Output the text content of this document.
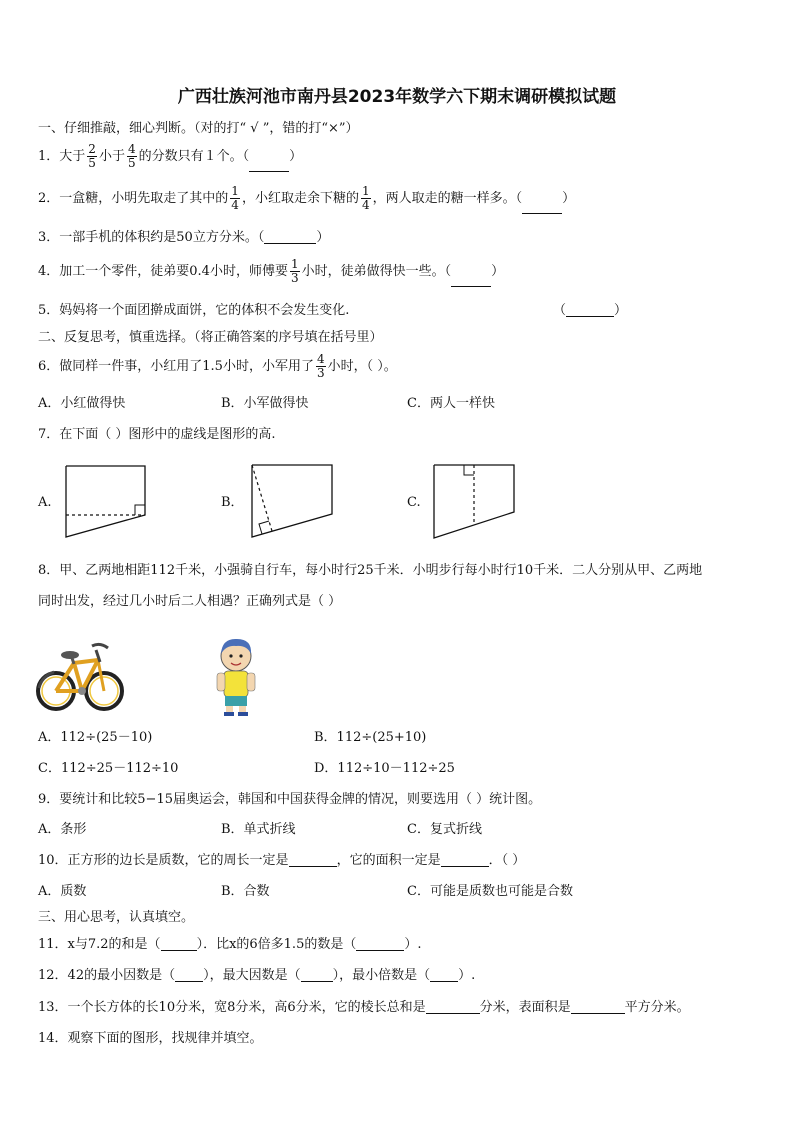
广西壮族河池市南丹县2023年数学六下期末调研模拟试题
一、仔细推敲，细心判断。（对的打“ √ ”，错的打“×”）
1．大于 $\frac{2}{5}$ 小于 $\frac{4}{5}$ 的分数只有１个。（	）
2．一盒糖，小明先取走了其中的 $\frac{1}{4}$ ，小红取走余下糖的 $\frac{1}{4}$ ，两人取走的糖一样多。（	）
3．一部手机的体积约是50立方分米。（	）
4．加工一个零件，徒弟要0.4小时，师傅要 $\frac{1}{3}$ 小时，徒弟做得快一些。（	）
5．妈妈将一个面团擀成面饼，它的体积不会发生变化.	（	）
二、反复思考，慎重选择。（将正确答案的序号填在括号里）
6．做同样一件事，小红用了1.5小时，小军用了 $\frac{4}{3}$ 小时，（ ）。
A．小红做得快	B．小军做得快	C．两人一样快
7．在下面（ ）图形中的虚线是图形的高.
A.	B．	C.
8．甲、乙两地相距112千米，小强骑自行车，每小时行25千米．小明步行每小时行10千米．二人分别从甲、乙两地
同时出发，经过几小时后二人相遇？正确列式是（ ）
A．112÷(25－10)	B．112÷(25+10)
C．112÷25－112÷10	D．112÷10－112÷25
9．要统计和比较5−15届奥运会，韩国和中国获得金牌的情况，则要选用（ ）统计图。
A．条形	B．单式折线	C．复式折线
10．正方形的边长是质数，它的周长一定是	，它的面积一定是	．（ ）
A．质数	B．合数	C．可能是质数也可能是合数
三、用心思考，认真填空。
11．x与7.2的和是（	）．比x的6倍多1.5的数是（	）.
12．42的最小因数是（ ），最大因数是（ ），最小倍数是（ ）.
13．一个长方体的长10分米，宽8分米，高6分米，它的棱长总和是	分米，表面积是	平方分米。
14．观察下面的图形，找规律并填空。
